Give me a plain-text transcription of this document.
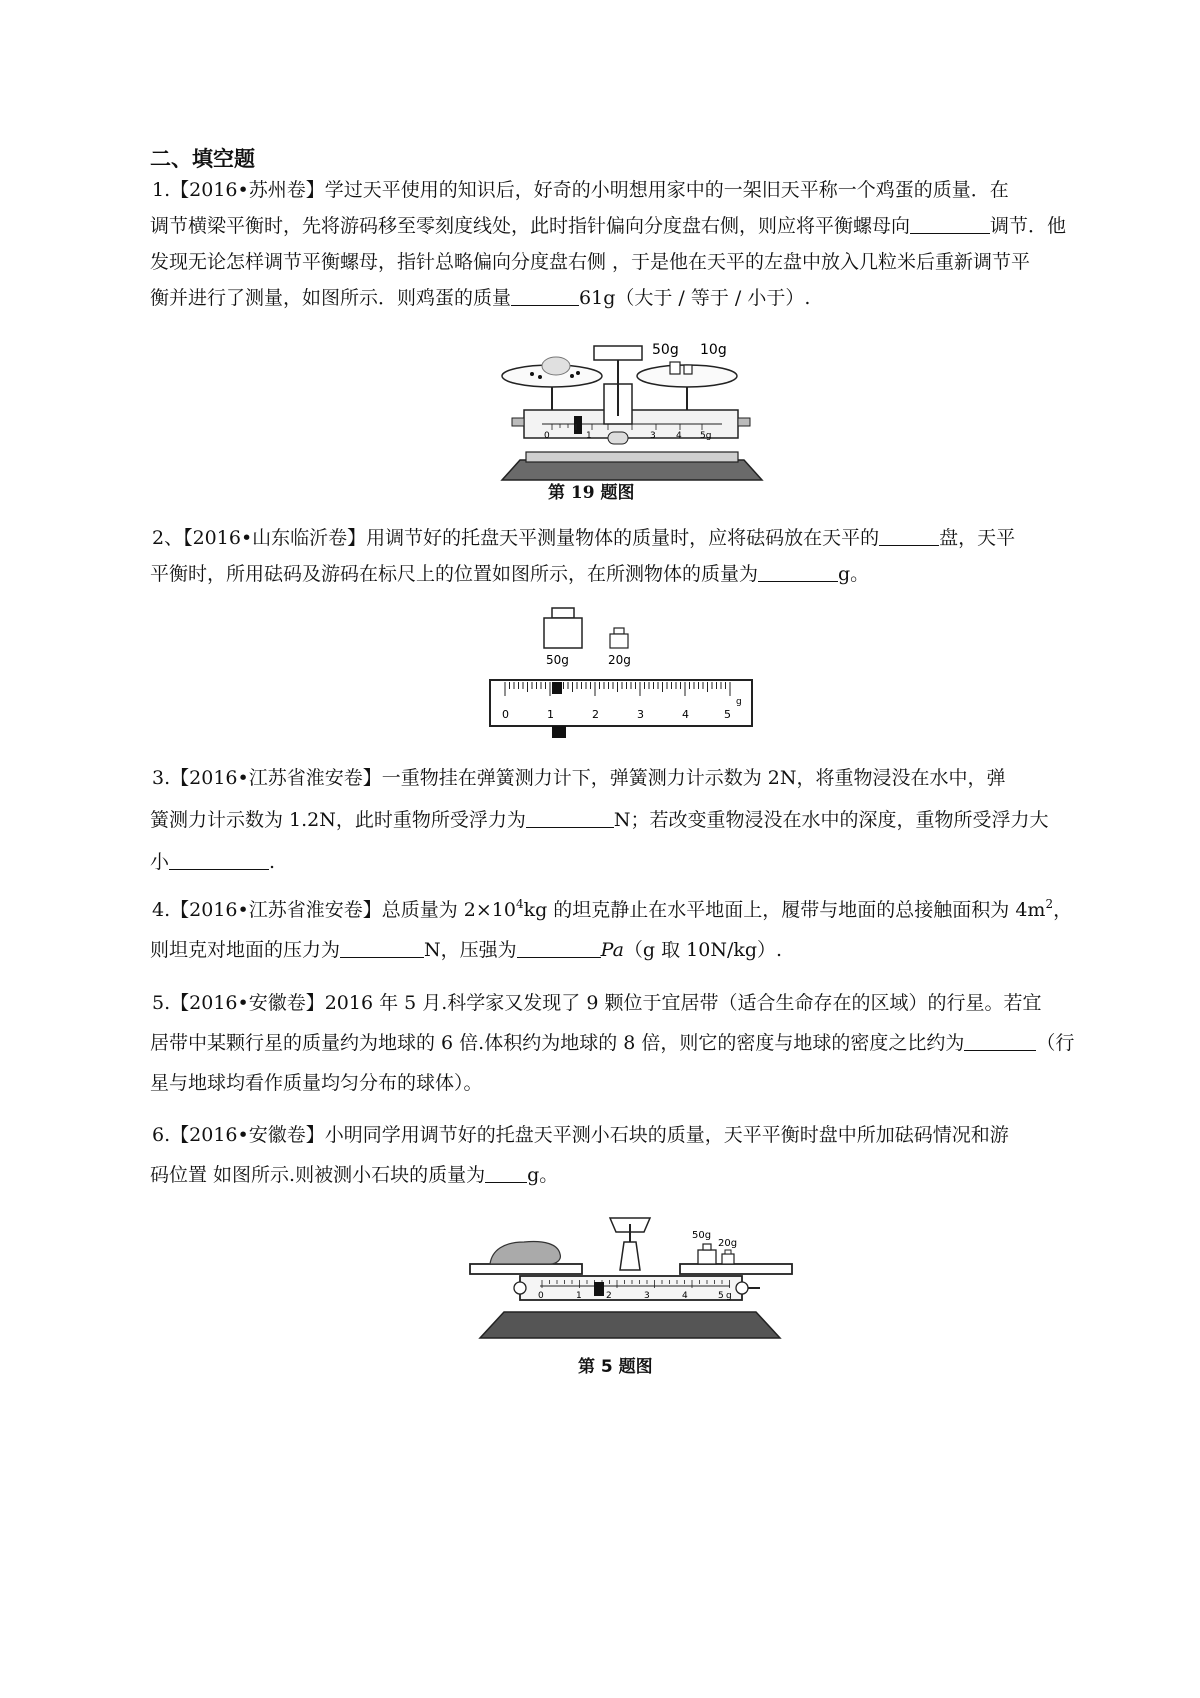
二、填空题
1.【2016•苏州卷】学过天平使用的知识后，好奇的小明想用家中的一架旧天平称一个鸡蛋的质量．在
调节横梁平衡时，先将游码移至零刻度线处，此时指针偏向分度盘右侧，则应将平衡螺母向	调节．他
发现无论怎样调节平衡螺母，指针总略偏向分度盘右侧 ，于是他在天平的左盘中放入几粒米后重新调节平
衡并进行了测量，如图所示．则鸡蛋的质量	61g（大于 / 等于 / 小于）.
0	1	3 4 5g
50g 10g
第 19 题图
2、【2016•山东临沂卷】用调节好的托盘天平测量物体的质量时，应将砝码放在天平的	盘，天平
平衡时，所用砝码及游码在标尺上的位置如图所示，在所测物体的质量为	g。
50g	20g
0	1	2	3	4	5
g
3.【2016•江苏省淮安卷】一重物挂在弹簧测力计下，弹簧测力计示数为 2N，将重物浸没在水中，弹
簧测力计示数为 1.2N，此时重物所受浮力为	N；若改变重物浸没在水中的深度，重物所受浮力大
小	.
4.【2016•江苏省淮安卷】总质量为 $2\times 10^4kg$ 的坦克静止在水平地面上，履带与地面的总接触面积为 $4m^2$，
则坦克对地面的压力为	N，压强为	Pa（g 取 10N/kg）.
5.【2016•安徽卷】2016 年 5 月.科学家又发现了 9 颗位于宜居带（适合生命存在的区域）的行星。若宜
居带中某颗行星的质量约为地球的 6 倍.体积约为地球的 8 倍，则它的密度与地球的密度之比约为	（行
星与地球均看作质量均匀分布的球体）。
6.【2016•安徽卷】小明同学用调节好的托盘天平测小石块的质量，天平平衡时盘中所加砝码情况和游
码位置 如图所示.则被测小石块的质量为 g。
50g
20g
0	1	2	3	4	5 g
第 5 题图
